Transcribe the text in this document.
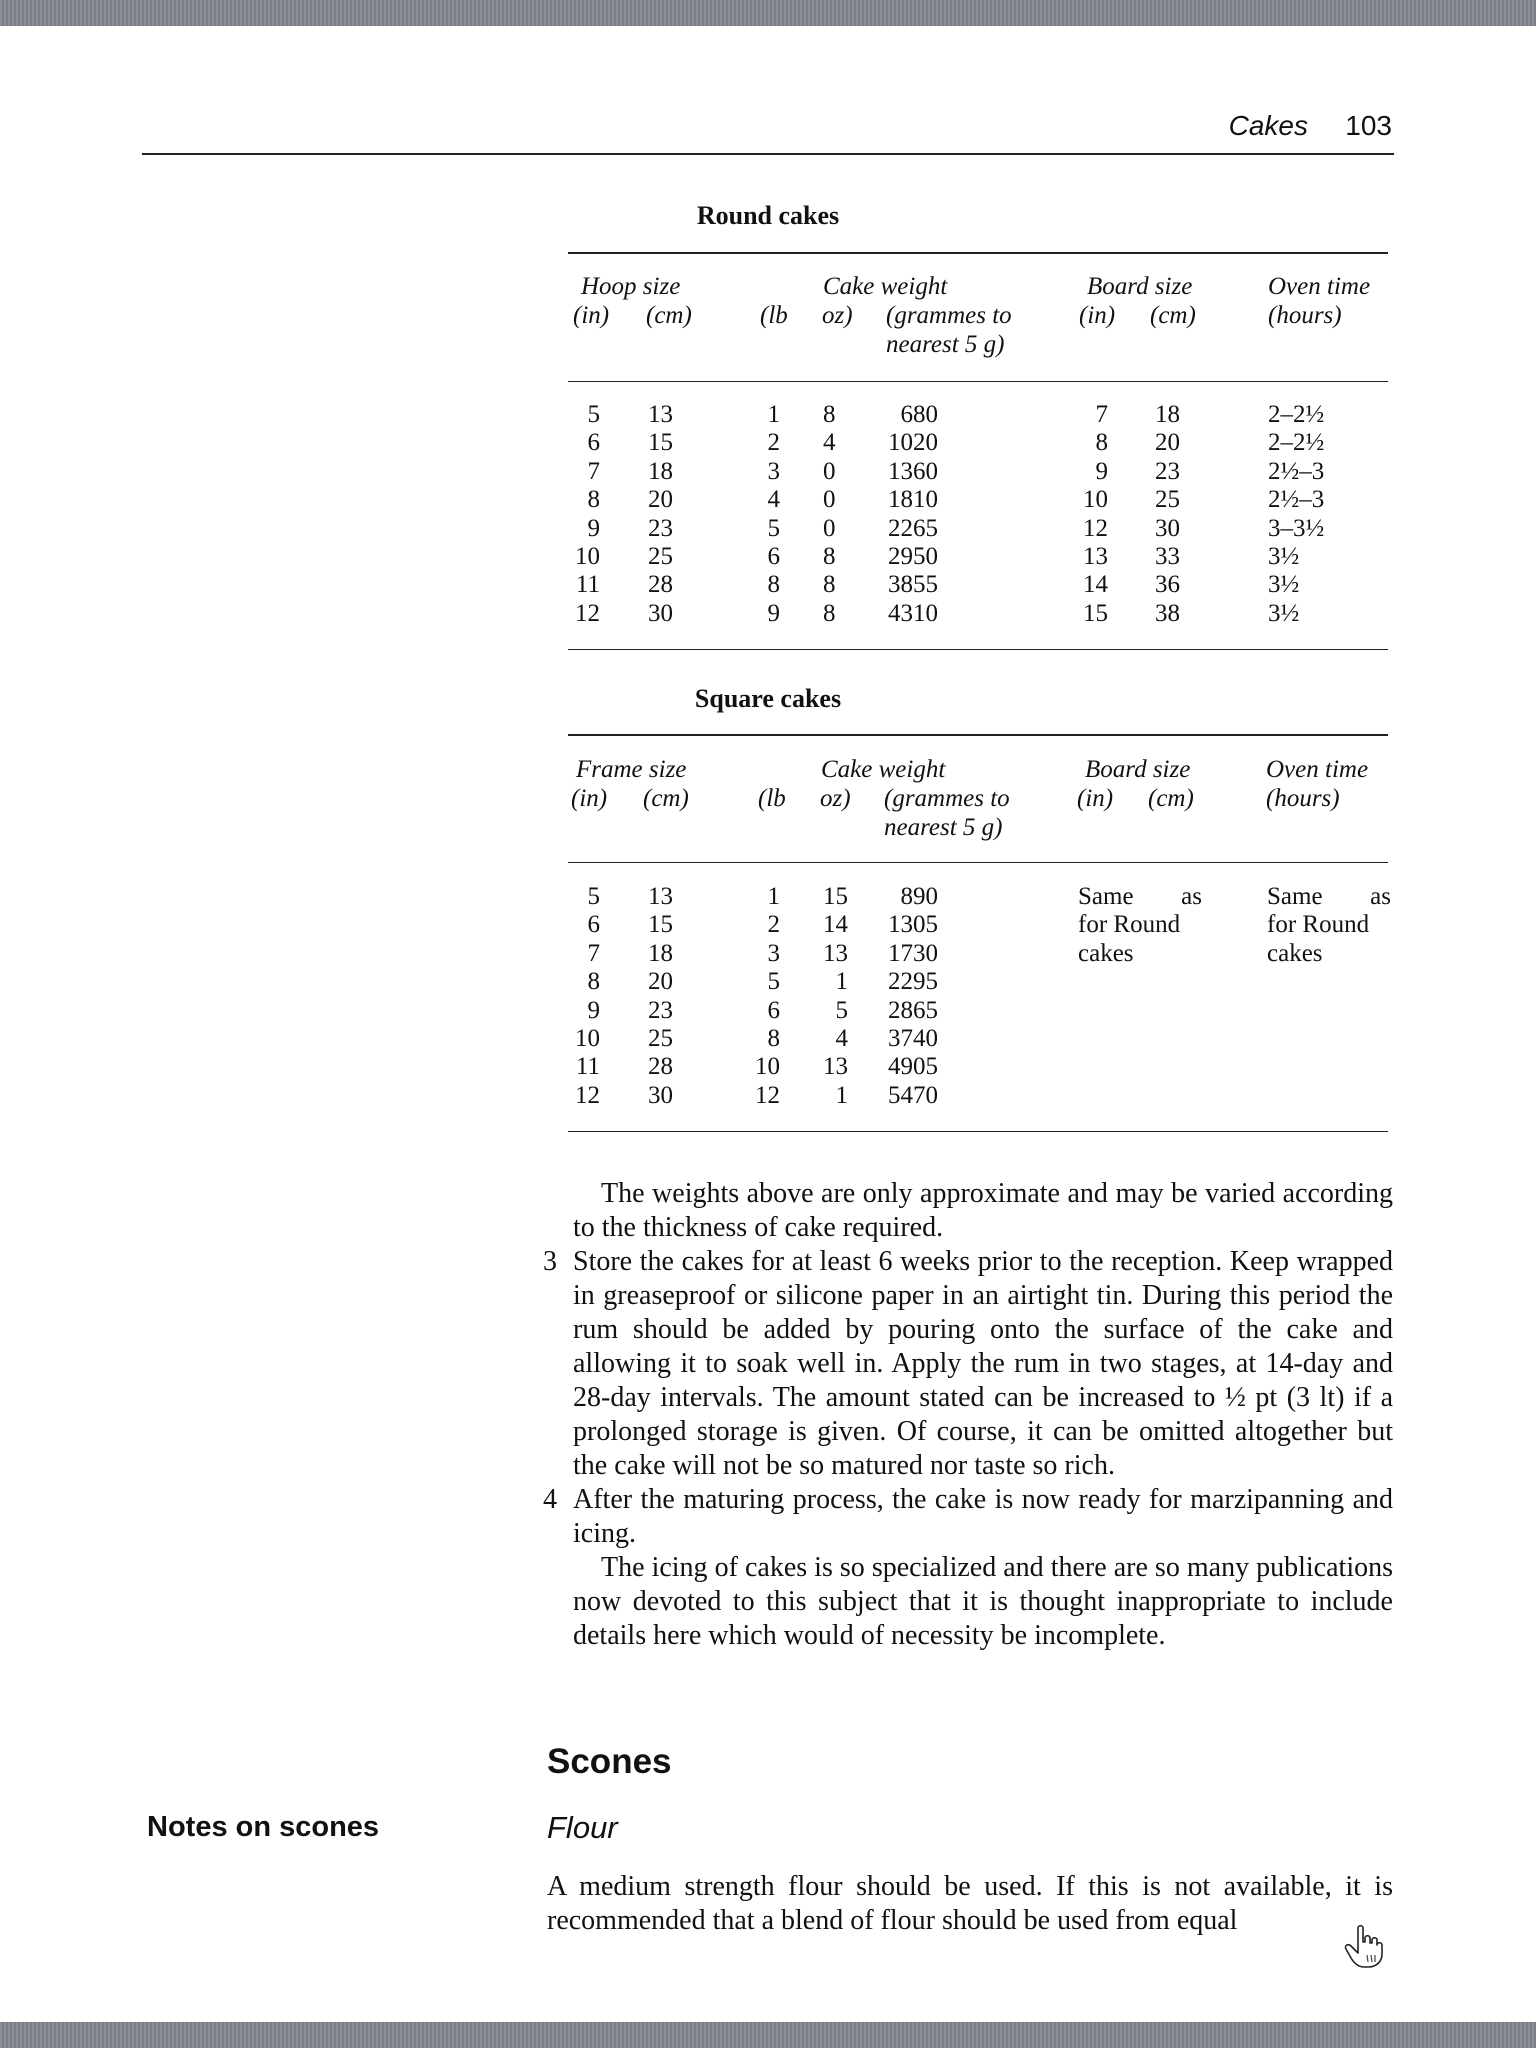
Cakes 103
Round cakes
Hoop size
(in) (cm)	(lb oz)
Cake weight
(grammes to
nearest 5 g)
Board size
(in) (cm)
Oven time
(hours)
5 13	1 8	680	7	18	2–2½
6 15	2 4	1020	8	20	2–2½
7 18	3 0	1360	9	23	2½–3
8 20	4 0	1810	10	25	2½–3
9 23	5 0	2265	12	30	3–3½
10 25	6 8	2950	13	33	3½
11 28	8 8	3855	14	36	3½
12 30	9 8	4310	15	38	3½
Square cakes
Frame size
(in) (cm)	(lb oz)
Cake weight
(grammes to
nearest 5 g)
Board size
(in) (cm)
Oven time
(hours)
5 13	1 15	890
6 15	2 14	1305
7 18	3 13	1730
8 20	5	1	2295
9 23	6	5	2865
10 25	8	4	3740
11 28	10 13	4905
12 30	12	1	5470
Same as
for Round
cakes
Same as
for Round
cakes

The weights above are only approximate and may be varied according to the thickness of cake required.

3 Store the cakes for at least 6 weeks prior to the reception. Keep wrapped in greaseproof or silicone paper in an airtight tin. During this period the rum should be added by pouring onto the surface of the cake and allowing it to soak well in. Apply the rum in two stages, at 14-day and 28-day intervals. The amount stated can be increased to ½ pt (3 lt) if a prolonged storage is given. Of course, it can be omitted altogether but the cake will not be so matured nor taste so rich.

4 After the maturing process, the cake is now ready for marzipanning and icing.

The icing of cakes is so specialized and there are so many publications now devoted to this subject that it is thought inappropriate to include details here which would of necessity be incomplete.

Scones
Notes on scones	Flour

A medium strength flour should be used. If this is not available, it is recommended that a blend of flour should be used from equal
